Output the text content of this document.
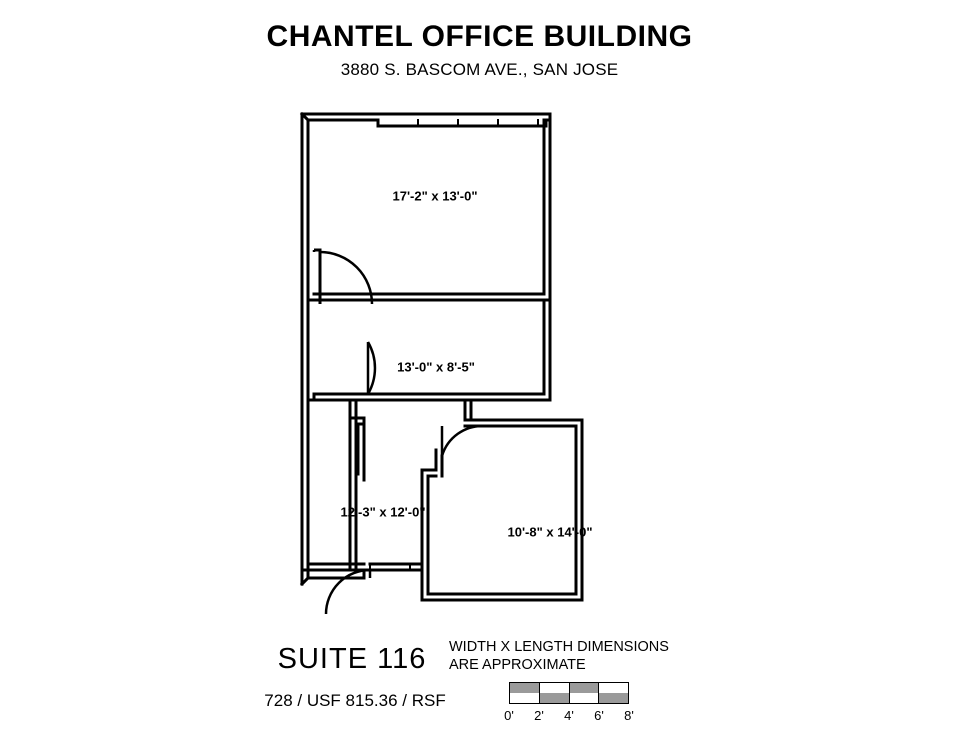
CHANTEL OFFICE BUILDING
3880 S. BASCOM AVE., SAN JOSE
17'-2" x 13'-0"
13'-0" x 8'-5"
12'-3" x 12'-0"
10'-8" x 14'-0"
SUITE 116
728 / USF 815.36 / RSF
WIDTH X LENGTH DIMENSIONS
ARE APPROXIMATE
0' 2' 4' 6' 8'
